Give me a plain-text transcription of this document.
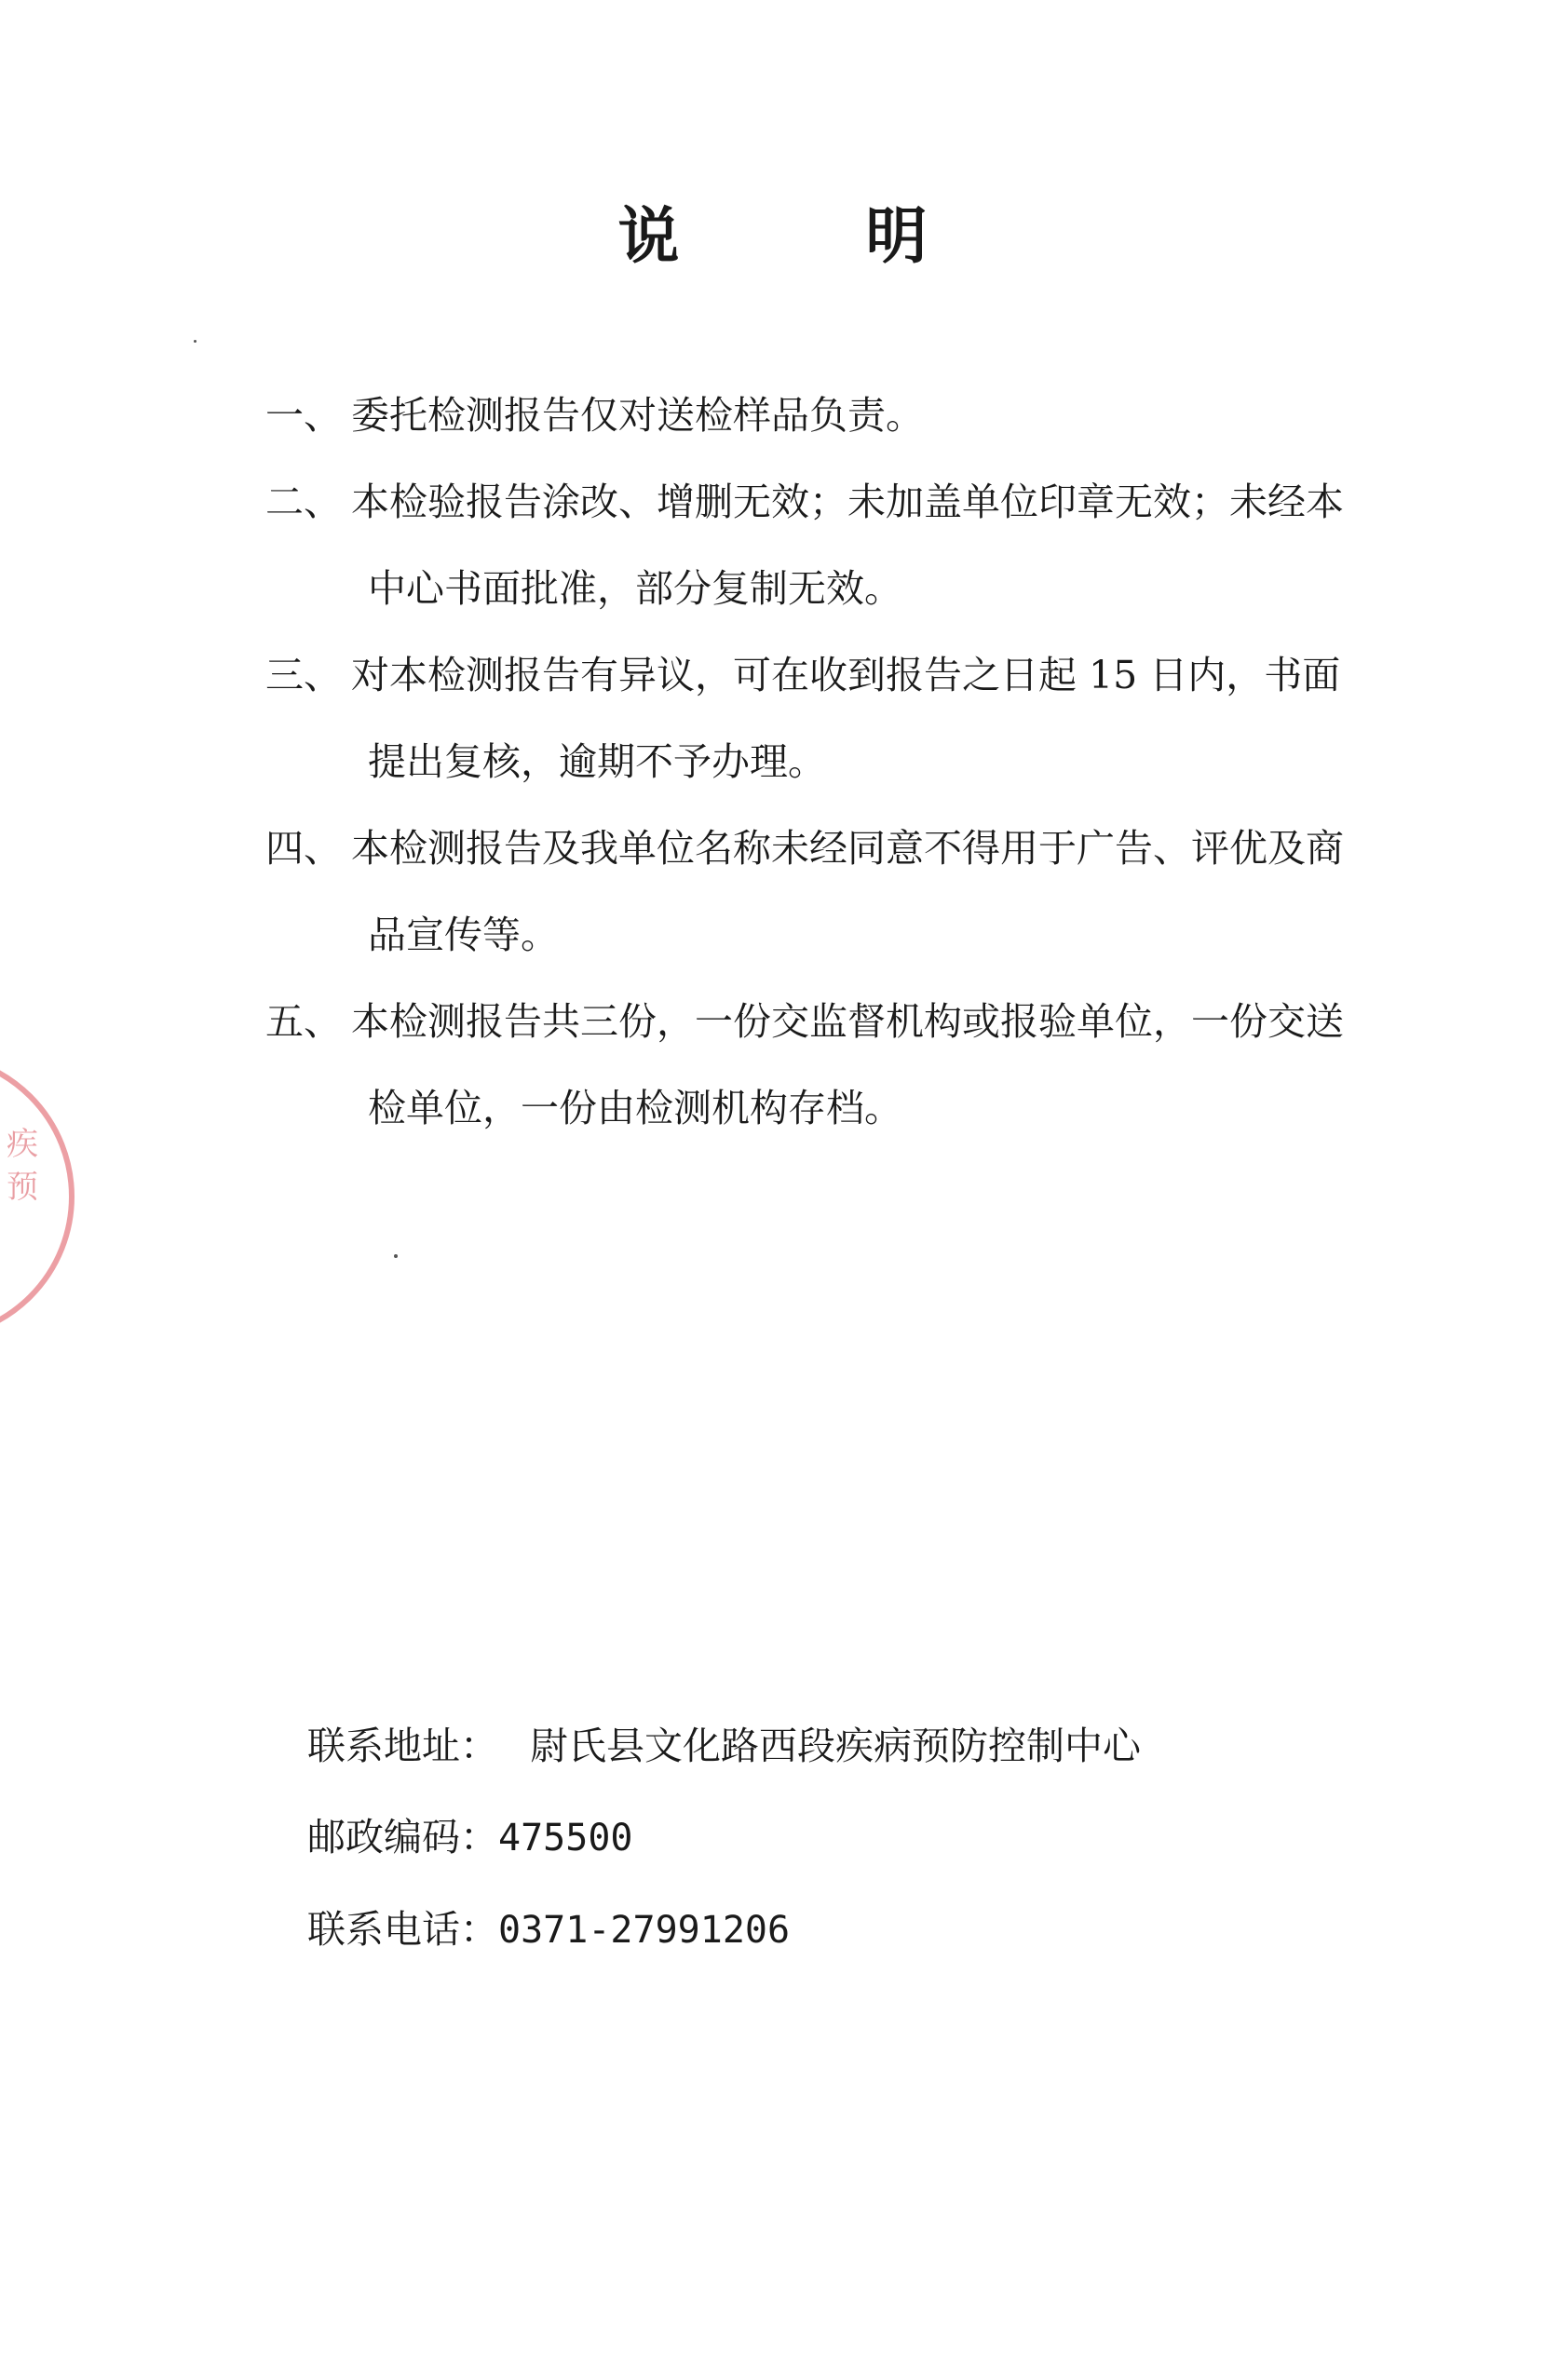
疾
预
说	明
一、 委托检测报告仅对送检样品负责。
二、 本检验报告涂改、增删无效；未加盖单位印章无效；未经本
中心书面批准，部分复制无效。
三、 对本检测报告有异议，可在收到报告之日起 15 日内，书面
提出复核，逾期不予办理。
四、 本检测报告及我单位名称未经同意不得用于广告、评优及商
品宣传等。
五、 本检测报告共三份，一份交监督机构或报验单位，一份交送
检单位，一份由检测机构存档。
联系地址： 尉氏县文化路西段疾病预防控制中心
邮政编码：475500
联系电话：0371-27991206
